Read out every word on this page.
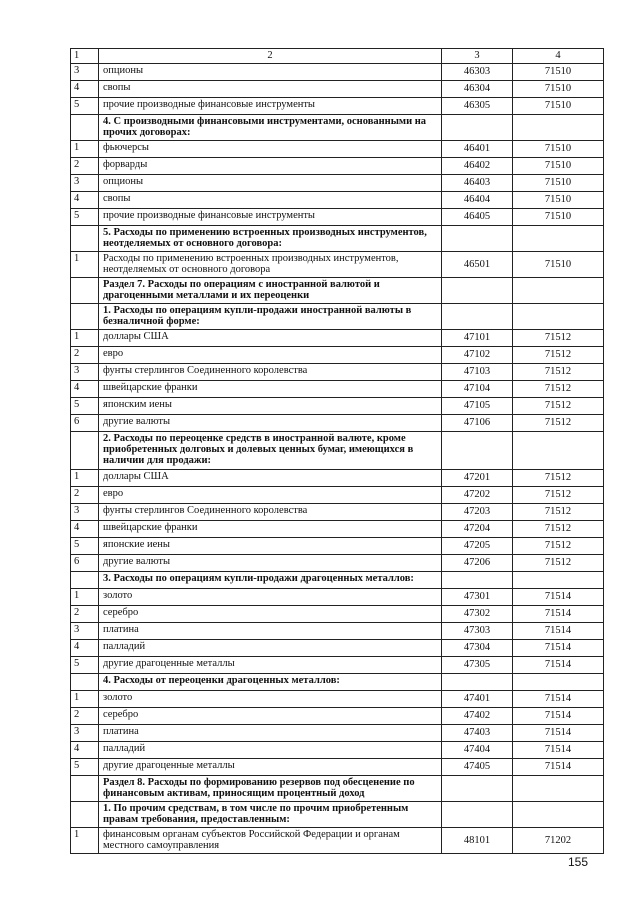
1	2	3	4
3	опционы	46303	71510
4	свопы	46304	71510
5	прочие производные финансовые инструменты	46305	71510
	4. С производными финансовыми инструментами, основанными на прочих договорах:		
1	фьючерсы	46401	71510
2	форварды	46402	71510
3	опционы	46403	71510
4	свопы	46404	71510
5	прочие производные финансовые инструменты	46405	71510
	5. Расходы по применению встроенных производных инструментов, неотделяемых от основного договора:		
1	Расходы по применению встроенных производных инструментов, неотделяемых от основного договора	46501	71510
	Раздел 7. Расходы по операциям с иностранной валютой и драгоценными металлами и их переоценки		
	1. Расходы по операциям купли-продажи иностранной валюты в безналичной форме:		
1	доллары США	47101	71512
2	евро	47102	71512
3	фунты стерлингов Соединенного королевства	47103	71512
4	швейцарские франки	47104	71512
5	японским иены	47105	71512
6	другие валюты	47106	71512
	2. Расходы по переоценке средств в иностранной валюте, кроме приобретенных долговых и долевых ценных бумаг, имеющихся в наличии для продажи:		
1	доллары США	47201	71512
2	евро	47202	71512
3	фунты стерлингов Соединенного королевства	47203	71512
4	швейцарские франки	47204	71512
5	японские иены	47205	71512
6	другие валюты	47206	71512
	3. Расходы по операциям купли-продажи драгоценных металлов:		
1	золото	47301	71514
2	серебро	47302	71514
3	платина	47303	71514
4	палладий	47304	71514
5	другие драгоценные металлы	47305	71514
	4. Расходы от переоценки драгоценных металлов:		
1	золото	47401	71514
2	серебро	47402	71514
3	платина	47403	71514
4	палладий	47404	71514
5	другие драгоценные металлы	47405	71514
	Раздел 8. Расходы по формированию резервов под обесценение по финансовым активам, приносящим процентный доход		
	1. По прочим средствам, в том числе по прочим приобретенным правам требования, предоставленным:		
1	финансовым органам субъектов Российской Федерации и органам местного самоуправления	48101	71202
155
